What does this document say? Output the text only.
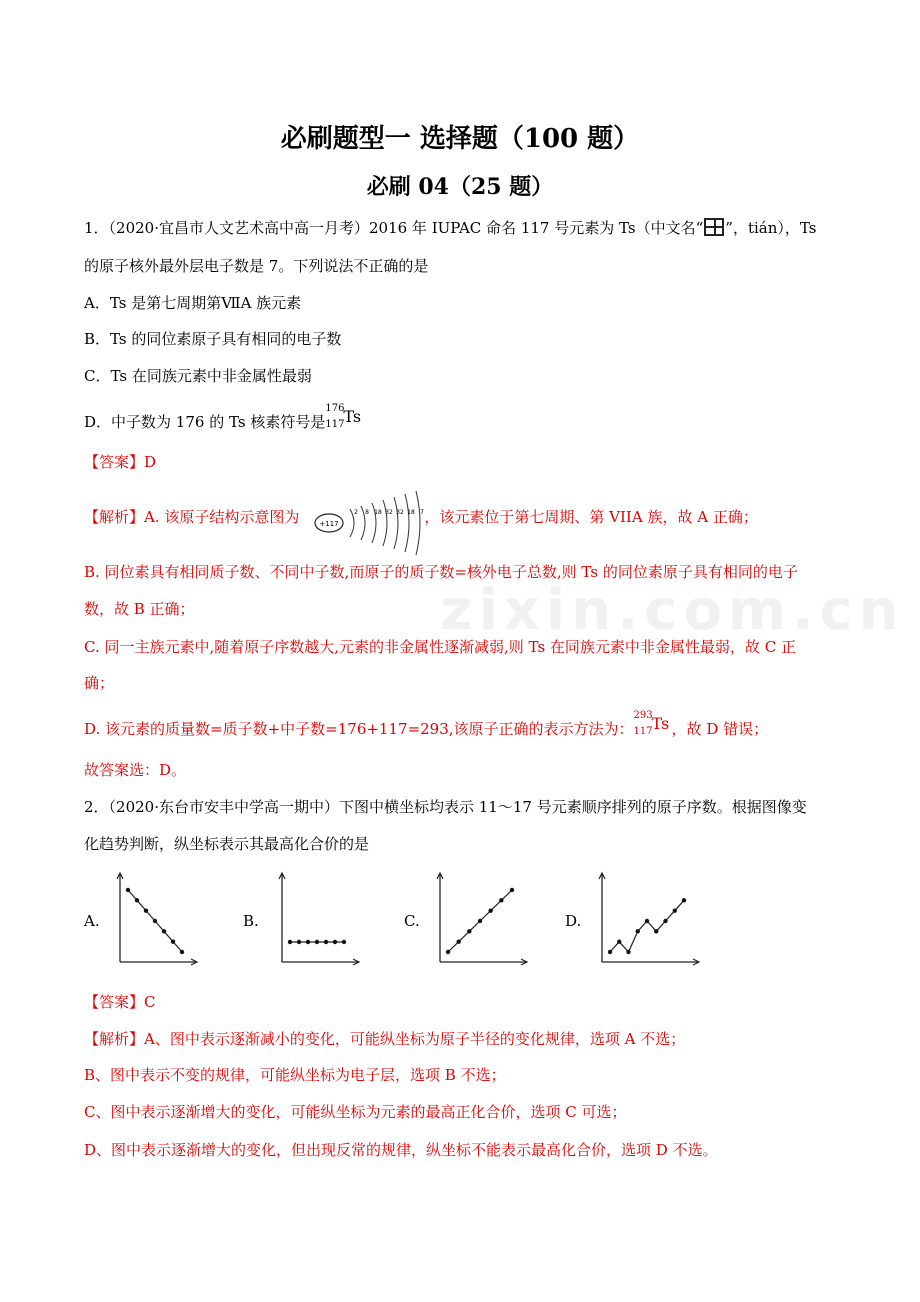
zixin.com.cn
必刷题型一 选择题（100 题）
必刷 04（25 题）
1．（2020·宜昌市人文艺术高中高一月考）2016 年 IUPAC 命名 117 号元素为 Ts（中文名“ ”，tián），Ts
的原子核外最外层电子数是 7。下列说法不正确的是
A．Ts 是第七周期第ⅦA 族元素
B．Ts 的同位素原子具有相同的电子数
C．Ts 在同族元素中非金属性最弱
D．中子数为 176 的 Ts 核素符号是
176
117
Ts
【答案】D
【解析】A. 该原子结构示意图为	，该元素位于第七周期、第 VIIA 族，故 A 正确；
+117
2 8 18 32 32 18 7
B. 同位素具有相同质子数、不同中子数,而原子的质子数=核外电子总数,则 Ts 的同位素原子具有相同的电子
数，故 B 正确；
C. 同一主族元素中,随着原子序数越大,元素的非金属性逐渐减弱,则 Ts 在同族元素中非金属性最弱，故 C 正
确；
D. 该元素的质量数=质子数+中子数=176+117=293,该原子正确的表示方法为：
293
117
Ts ，故 D 错误；
故答案选：D。
2．（2020·东台市安丰中学高一期中）下图中横坐标均表示 11～17 号元素顺序排列的原子序数。根据图像变
化趋势判断，纵坐标表示其最高化合价的是
A.	B.	C.	D.
【答案】C
【解析】A、图中表示逐渐减小的变化，可能纵坐标为原子半径的变化规律，选项 A 不选；
B、图中表示不变的规律，可能纵坐标为电子层，选项 B 不选；
C、图中表示逐渐增大的变化，可能纵坐标为元素的最高正化合价，选项 C 可选；
D、图中表示逐渐增大的变化，但出现反常的规律，纵坐标不能表示最高化合价，选项 D 不选。
